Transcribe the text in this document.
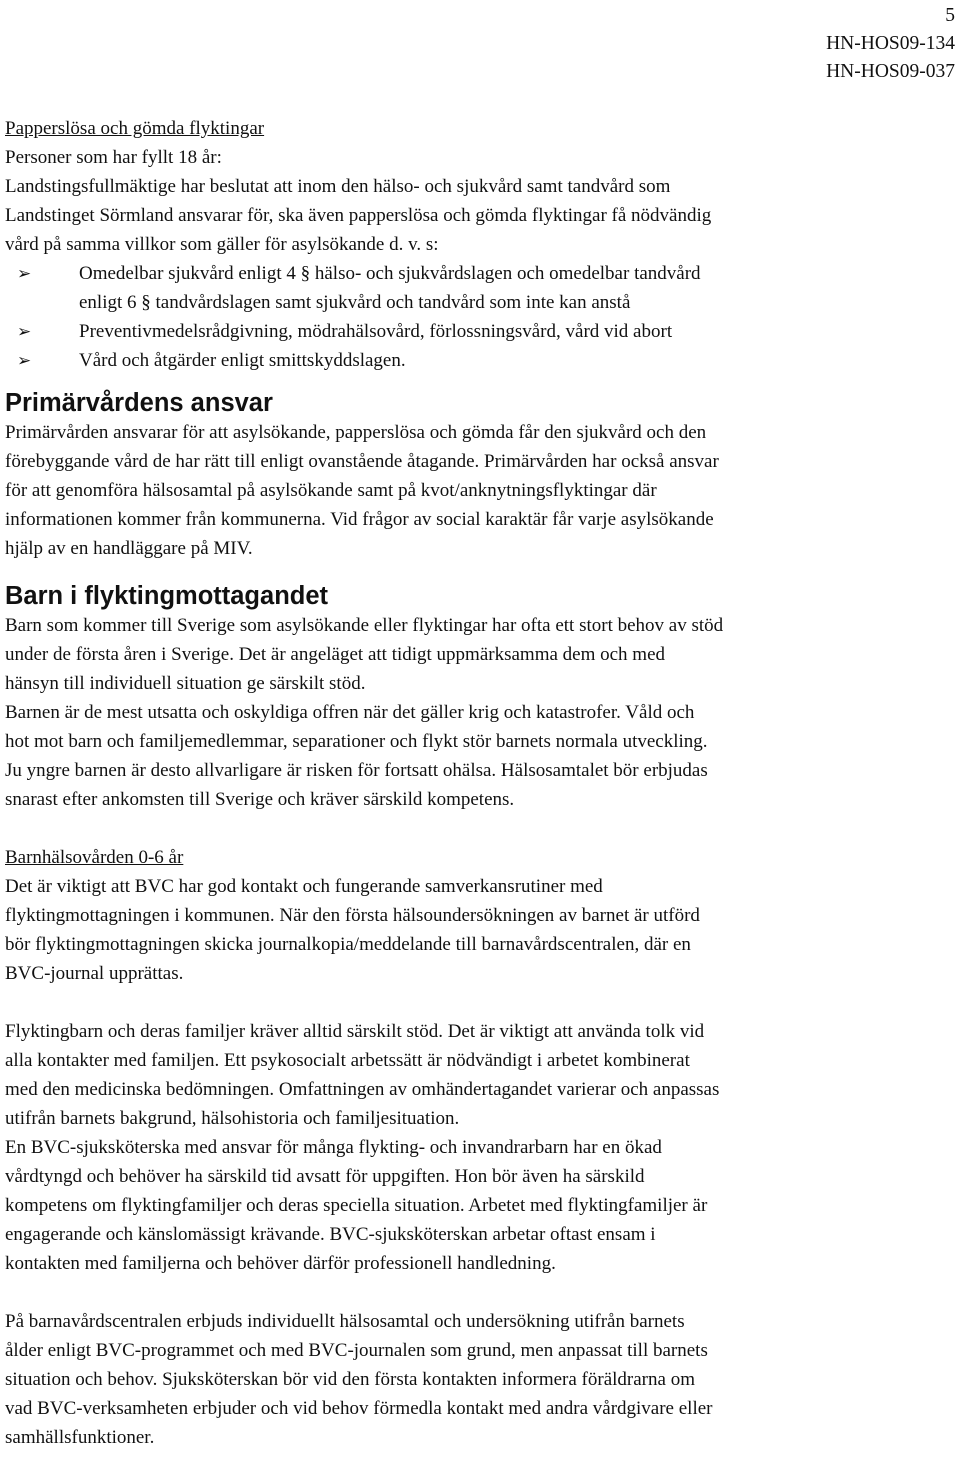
5
HN-HOS09-134
HN-HOS09-037
Papperslösa och gömda flyktingar
Personer som har fyllt 18 år:
Landstingsfullmäktige har beslutat att inom den hälso- och sjukvård samt tandvård som
Landstinget Sörmland ansvarar för, ska även papperslösa och gömda flyktingar få nödvändig
vård på samma villkor som gäller för asylsökande d. v. s:
➢	Omedelbar sjukvård enligt 4 § hälso- och sjukvårdslagen och omedelbar tandvård
enligt 6 § tandvårdslagen samt sjukvård och tandvård som inte kan anstå
➢	Preventivmedelsrådgivning, mödrahälsovård, förlossningsvård, vård vid abort
➢	Vård och åtgärder enligt smittskyddslagen.
Primärvårdens ansvar
Primärvården ansvarar för att asylsökande, papperslösa och gömda får den sjukvård och den
förebyggande vård de har rätt till enligt ovanstående åtagande. Primärvården har också ansvar
för att genomföra hälsosamtal på asylsökande samt på kvot/anknytningsflyktingar där
informationen kommer från kommunerna. Vid frågor av social karaktär får varje asylsökande
hjälp av en handläggare på MIV.
Barn i flyktingmottagandet
Barn som kommer till Sverige som asylsökande eller flyktingar har ofta ett stort behov av stöd
under de första åren i Sverige. Det är angeläget att tidigt uppmärksamma dem och med
hänsyn till individuell situation ge särskilt stöd.
Barnen är de mest utsatta och oskyldiga offren när det gäller krig och katastrofer. Våld och
hot mot barn och familjemedlemmar, separationer och flykt stör barnets normala utveckling.
Ju yngre barnen är desto allvarligare är risken för fortsatt ohälsa. Hälsosamtalet bör erbjudas
snarast efter ankomsten till Sverige och kräver särskild kompetens.
Barnhälsovården 0-6 år
Det är viktigt att BVC har god kontakt och fungerande samverkansrutiner med
flyktingmottagningen i kommunen. När den första hälsoundersökningen av barnet är utförd
bör flyktingmottagningen skicka journalkopia/meddelande till barnavårdscentralen, där en
BVC-journal upprättas.
Flyktingbarn och deras familjer kräver alltid särskilt stöd. Det är viktigt att använda tolk vid
alla kontakter med familjen. Ett psykosocialt arbetssätt är nödvändigt i arbetet kombinerat
med den medicinska bedömningen. Omfattningen av omhändertagandet varierar och anpassas
utifrån barnets bakgrund, hälsohistoria och familjesituation.
En BVC-sjuksköterska med ansvar för många flykting- och invandrarbarn har en ökad
vårdtyngd och behöver ha särskild tid avsatt för uppgiften. Hon bör även ha särskild
kompetens om flyktingfamiljer och deras speciella situation. Arbetet med flyktingfamiljer är
engagerande och känslomässigt krävande. BVC-sjuksköterskan arbetar oftast ensam i
kontakten med familjerna och behöver därför professionell handledning.
På barnavårdscentralen erbjuds individuellt hälsosamtal och undersökning utifrån barnets
ålder enligt BVC-programmet och med BVC-journalen som grund, men anpassat till barnets
situation och behov. Sjuksköterskan bör vid den första kontakten informera föräldrarna om
vad BVC-verksamheten erbjuder och vid behov förmedla kontakt med andra vårdgivare eller
samhällsfunktioner.
